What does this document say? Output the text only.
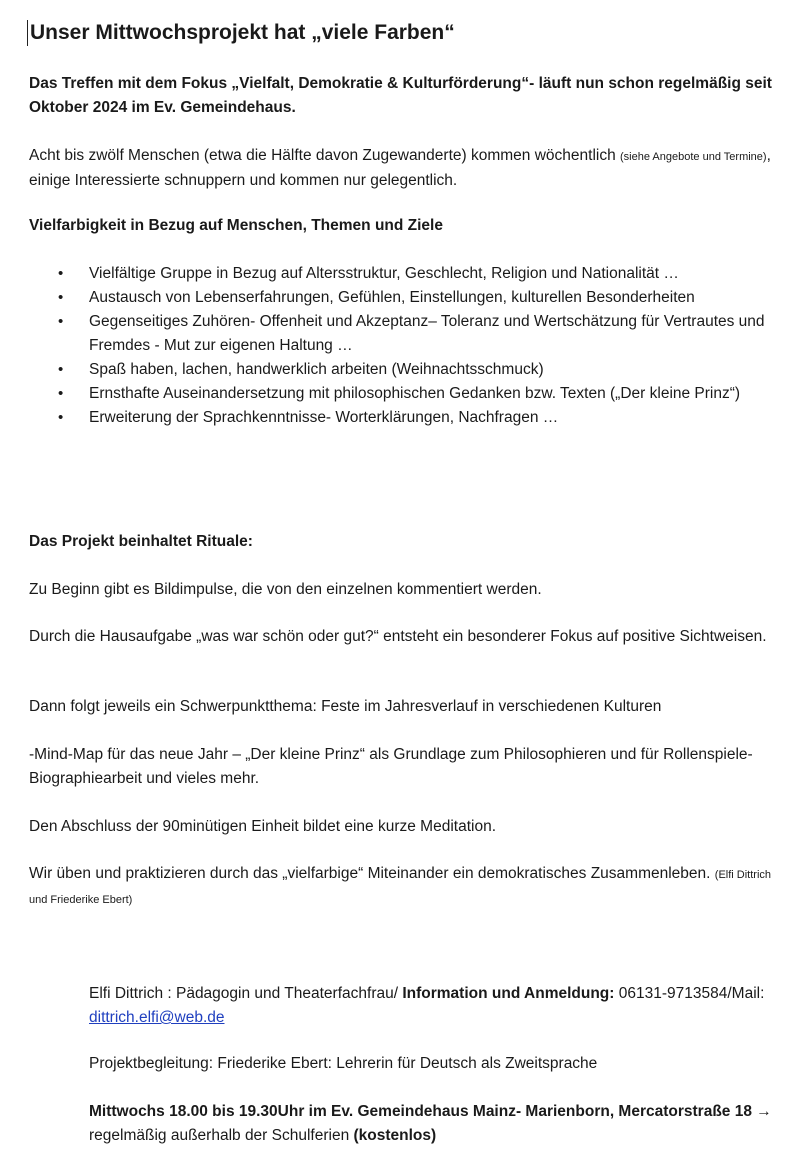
Unser Mittwochsprojekt hat „viele Farben“

Das Treffen mit dem Fokus „Vielfalt, Demokratie & Kulturförderung“- läuft nun schon regelmäßig seit Oktober 2024 im Ev. Gemeindehaus.

Acht bis zwölf Menschen (etwa die Hälfte davon Zugewanderte) kommen wöchentlich (siehe Angebote und Termine), einige Interessierte schnuppern und kommen nur gelegentlich.

Vielfarbigkeit in Bezug auf Menschen, Themen und Ziele

• Vielfältige Gruppe in Bezug auf Altersstruktur, Geschlecht, Religion und Nationalität …
• Austausch von Lebenserfahrungen, Gefühlen, Einstellungen, kulturellen Besonderheiten
• Gegenseitiges Zuhören- Offenheit und Akzeptanz– Toleranz und Wertschätzung für Vertrautes und Fremdes - Mut zur eigenen Haltung …
• Spaß haben, lachen, handwerklich arbeiten (Weihnachtsschmuck)
• Ernsthafte Auseinandersetzung mit philosophischen Gedanken bzw. Texten („Der kleine Prinz“)
• Erweiterung der Sprachkenntnisse- Worterklärungen, Nachfragen …

Das Projekt beinhaltet Rituale:

Zu Beginn gibt es Bildimpulse, die von den einzelnen kommentiert werden.

Durch die Hausaufgabe „was war schön oder gut?“ entsteht ein besonderer Fokus auf positive Sichtweisen.

Dann folgt jeweils ein Schwerpunktthema: Feste im Jahresverlauf in verschiedenen Kulturen

-Mind-Map für das neue Jahr – „Der kleine Prinz“ als Grundlage zum Philosophieren und für Rollenspiele- Biographiearbeit und vieles mehr.

Den Abschluss der 90minütigen Einheit bildet eine kurze Meditation.

Wir üben und praktizieren durch das „vielfarbige“ Miteinander ein demokratisches Zusammenleben. (Elfi Dittrich und Friederike Ebert)

Elfi Dittrich : Pädagogin und Theaterfachfrau/ Information und Anmeldung: 06131-9713584/Mail: dittrich.elfi@web.de

Projektbegleitung: Friederike Ebert: Lehrerin für Deutsch als Zweitsprache

Mittwochs 18.00 bis 19.30Uhr im Ev. Gemeindehaus Mainz- Marienborn, Mercatorstraße 18 → regelmäßig außerhalb der Schulferien (kostenlos)
